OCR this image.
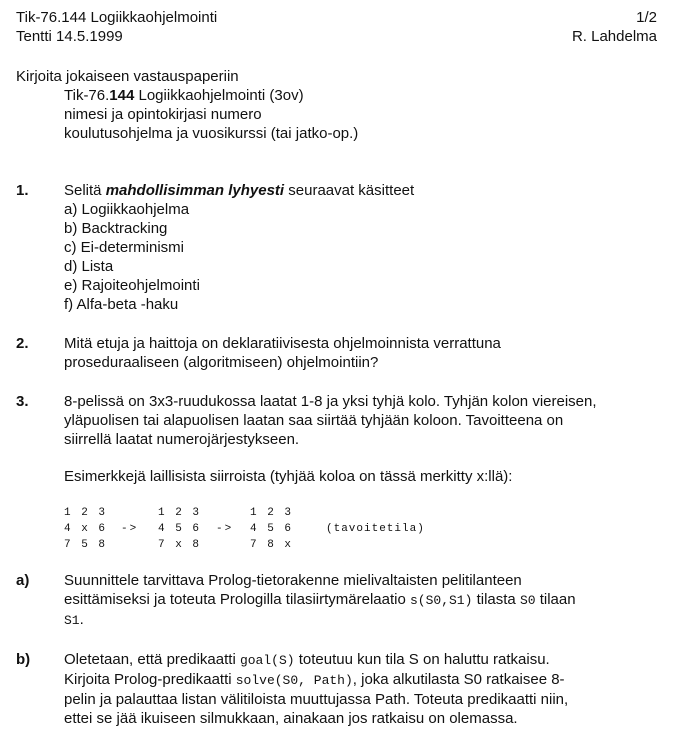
Tik-76.144 Logiikkaohjelmointi	1/2
Tentti 14.5.1999	R. Lahdelma
Kirjoita jokaiseen vastauspaperiin
Tik-76.144 Logiikkaohjelmointi (3ov)
nimesi ja opintokirjasi numero
koulutusohjelma ja vuosikurssi (tai jatko-op.)
1. Selitä mahdollisimman lyhyesti seuraavat käsitteet
a) Logiikkaohjelma
b) Backtracking
c) Ei-determinismi
d) Lista
e) Rajoiteohjelmointi
f) Alfa-beta -haku
2. Mitä etuja ja haittoja on deklaratiivisesta ohjelmoinnista verrattuna
proseduraaliseen (algoritmiseen) ohjelmointiin?
3. 8-pelissä on 3x3-ruudukossa laatat 1-8 ja yksi tyhjä kolo. Tyhjän kolon viereisen,
yläpuolisen tai alapuolisen laatan saa siirtää tyhjään koloon. Tavoitteena on
siirrellä laatat numerojärjestykseen.
Esimerkkejä laillisista siirroista (tyhjää koloa on tässä merkitty x:llä):
1 2 3
4 x 6
7 5 8
->
1 2 3
4 5 6
7 x 8
->
1 2 3
4 5 6
7 8 x
(tavoitetila)
a) Suunnittele tarvittava Prolog-tietorakenne mielivaltaisten pelitilanteen
esittämiseksi ja toteuta Prologilla tilasiirtymärelaatio s(S0,S1) tilasta S0 tilaan
S1.
b) Oletetaan, että predikaatti goal(S) toteutuu kun tila S on haluttu ratkaisu.
Kirjoita Prolog-predikaatti solve(S0, Path), joka alkutilasta S0 ratkaisee 8-
pelin ja palauttaa listan välitiloista muuttujassa Path. Toteuta predikaatti niin,
ettei se jää ikuiseen silmukkaan, ainakaan jos ratkaisu on olemassa.
